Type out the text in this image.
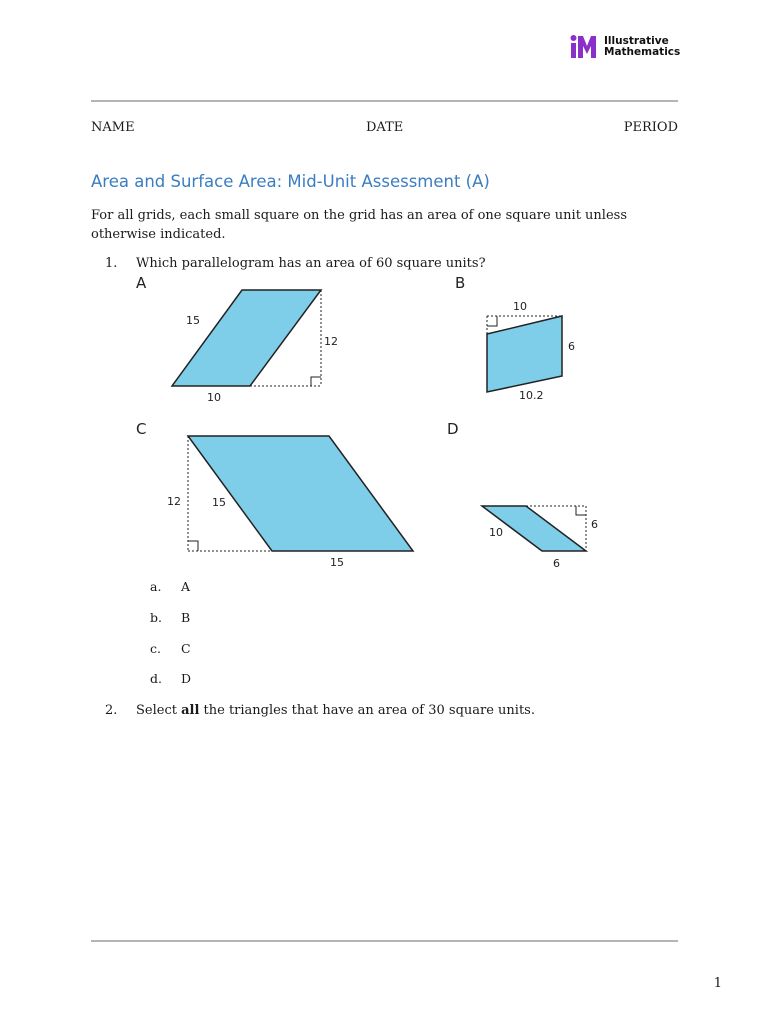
Illustrative
Mathematics
NAME	DATE	PERIOD
Area and Surface Area: Mid-Unit Assessment (A)
For all grids, each small square on the grid has an area of one square unit unless otherwise indicated.
1. Which parallelogram has an area of 60 square units?
A	B
C	D
15
12
10
10
6
10.2
12	15
15
10
6
6
a. A
b. B
c. C
d. D
2. Select all the triangles that have an area of 30 square units.
1
